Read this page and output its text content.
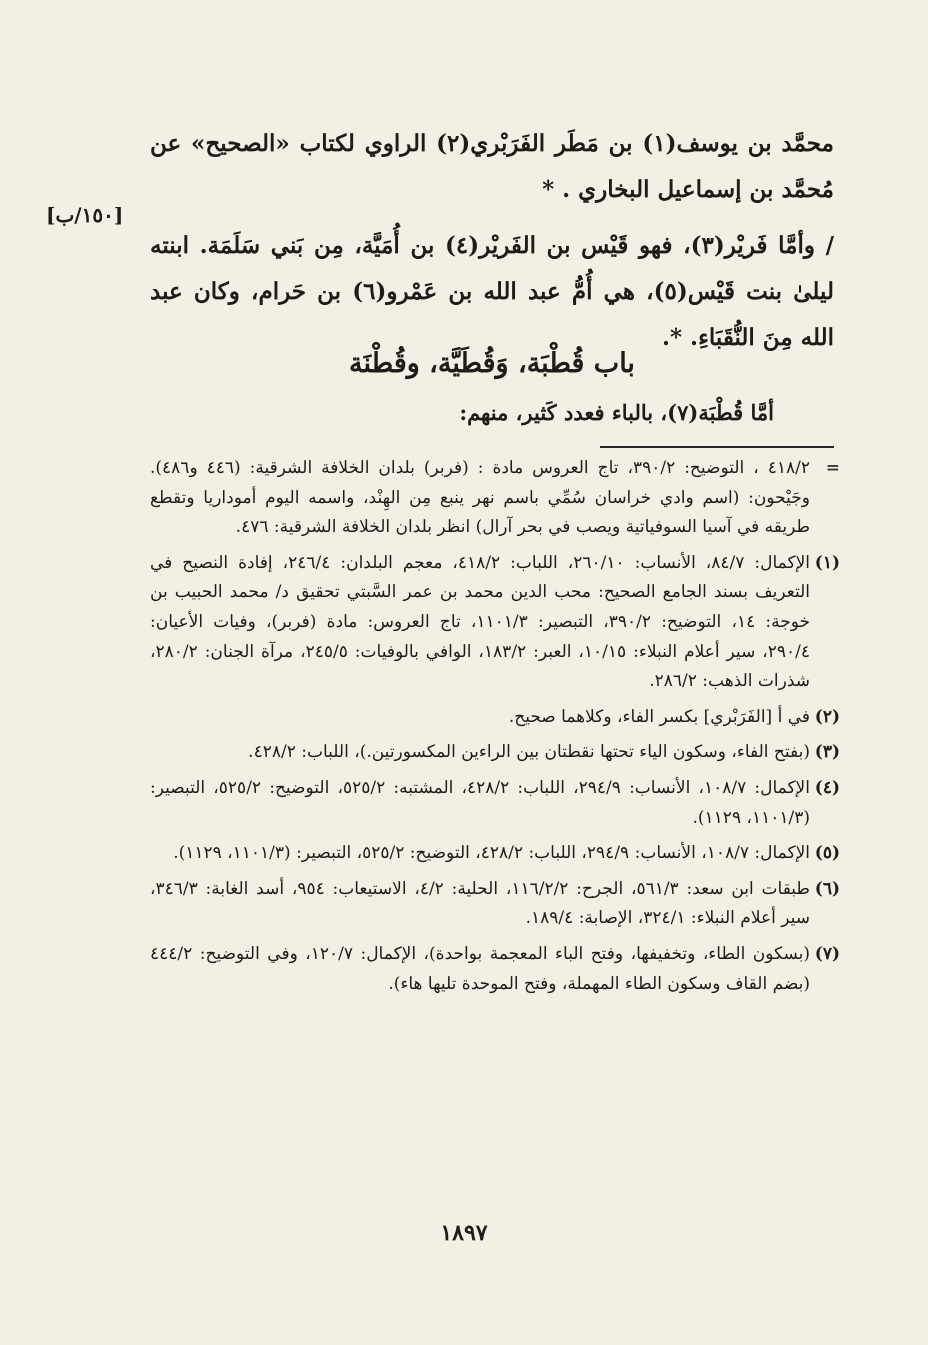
محمَّد بن يوسف(١) بن مَطَر الفَرَبْري(٢) الراوي لكتاب «الصحيح» عن مُحمَّد بن إسماعيل البخاري . *

[١٥٠/ب]

/ وأمَّا فَريْر(٣)، فهو قَيْس بن الفَريْر(٤) بن أُمَيَّة، مِن بَني سَلَمَة. ابنته ليلىٰ بنت قَيْس(٥)، هي أُمُّ عبد الله بن عَمْرو(٦) بن حَرام، وكان عبد الله مِنَ النُّقَبَاءِ. *.

باب قُطْبَة، وَقُطَيَّة، وقُطْنَة
أمَّا قُطْبَة(٧)، بالباء فعدد كَثير، منهم:
=
٤١٨/٢ ، التوضيح: ٣٩٠/٢، تاج العروس مادة : (فربر) بلدان الخلافة الشرقية: (٤٤٦ و٤٨٦). وجَيْحون: (اسم وادي خراسان سُمِّي باسم نهر ينبع مِن الهِنْد، واسمه اليوم أموداريا وتقطع طريقه في آسيا السوفياتية ويصب في بحر آرال) انظر بلدان الخلافة الشرقية: ٤٧٦.
(١)
الإكمال: ٨٤/٧، الأنساب: ٢٦٠/١٠، اللباب: ٤١٨/٢، معجم البلدان: ٢٤٦/٤، إفادة النصيح في التعريف بسند الجامع الصحيح: محب الدين محمد بن عمر السَّبتي تحقيق د/ محمد الحبيب بن خوجة: ١٤، التوضيح: ٣٩٠/٢، التبصير: ١١٠١/٣، تاج العروس: مادة (فربر)، وفيات الأعيان: ٢٩٠/٤، سير أعلام النبلاء: ١٠/١٥، العبر: ١٨٣/٢، الوافي بالوفيات: ٢٤٥/٥، مرآة الجنان: ٢٨٠/٢، شذرات الذهب: ٢٨٦/٢.
(٢)
في أ [الفَرَبْري] بكسر الفاء، وكلاهما صحيح.
(٣)
(بفتح الفاء، وسكون الياء تحتها نقطتان بين الراءين المكسورتين.)، اللباب: ٤٢٨/٢.
(٤)
الإكمال: ١٠٨/٧، الأنساب: ٢٩٤/٩، اللباب: ٤٢٨/٢، المشتبه: ٥٢٥/٢، التوضيح: ٥٢٥/٢، التبصير: (١١٠١/٣، ١١٢٩).
(٥)
الإكمال: ١٠٨/٧، الأنساب: ٢٩٤/٩، اللباب: ٤٢٨/٢، التوضيح: ٥٢٥/٢، التبصير: (١١٠١/٣، ١١٢٩).
(٦)
طبقات ابن سعد: ٥٦١/٣، الجرح: ١١٦/٢/٢، الحلية: ٤/٢، الاستيعاب: ٩٥٤، أسد الغابة: ٣٤٦/٣، سير أعلام النبلاء: ٣٢٤/١، الإصابة: ١٨٩/٤.
(٧)
(بسكون الطاء، وتخفيفها، وفتح الباء المعجمة بواحدة)، الإكمال: ١٢٠/٧، وفي التوضيح: ٤٤٤/٢ (بضم القاف وسكون الطاء المهملة، وفتح الموحدة تليها هاء).
١٨٩٧
